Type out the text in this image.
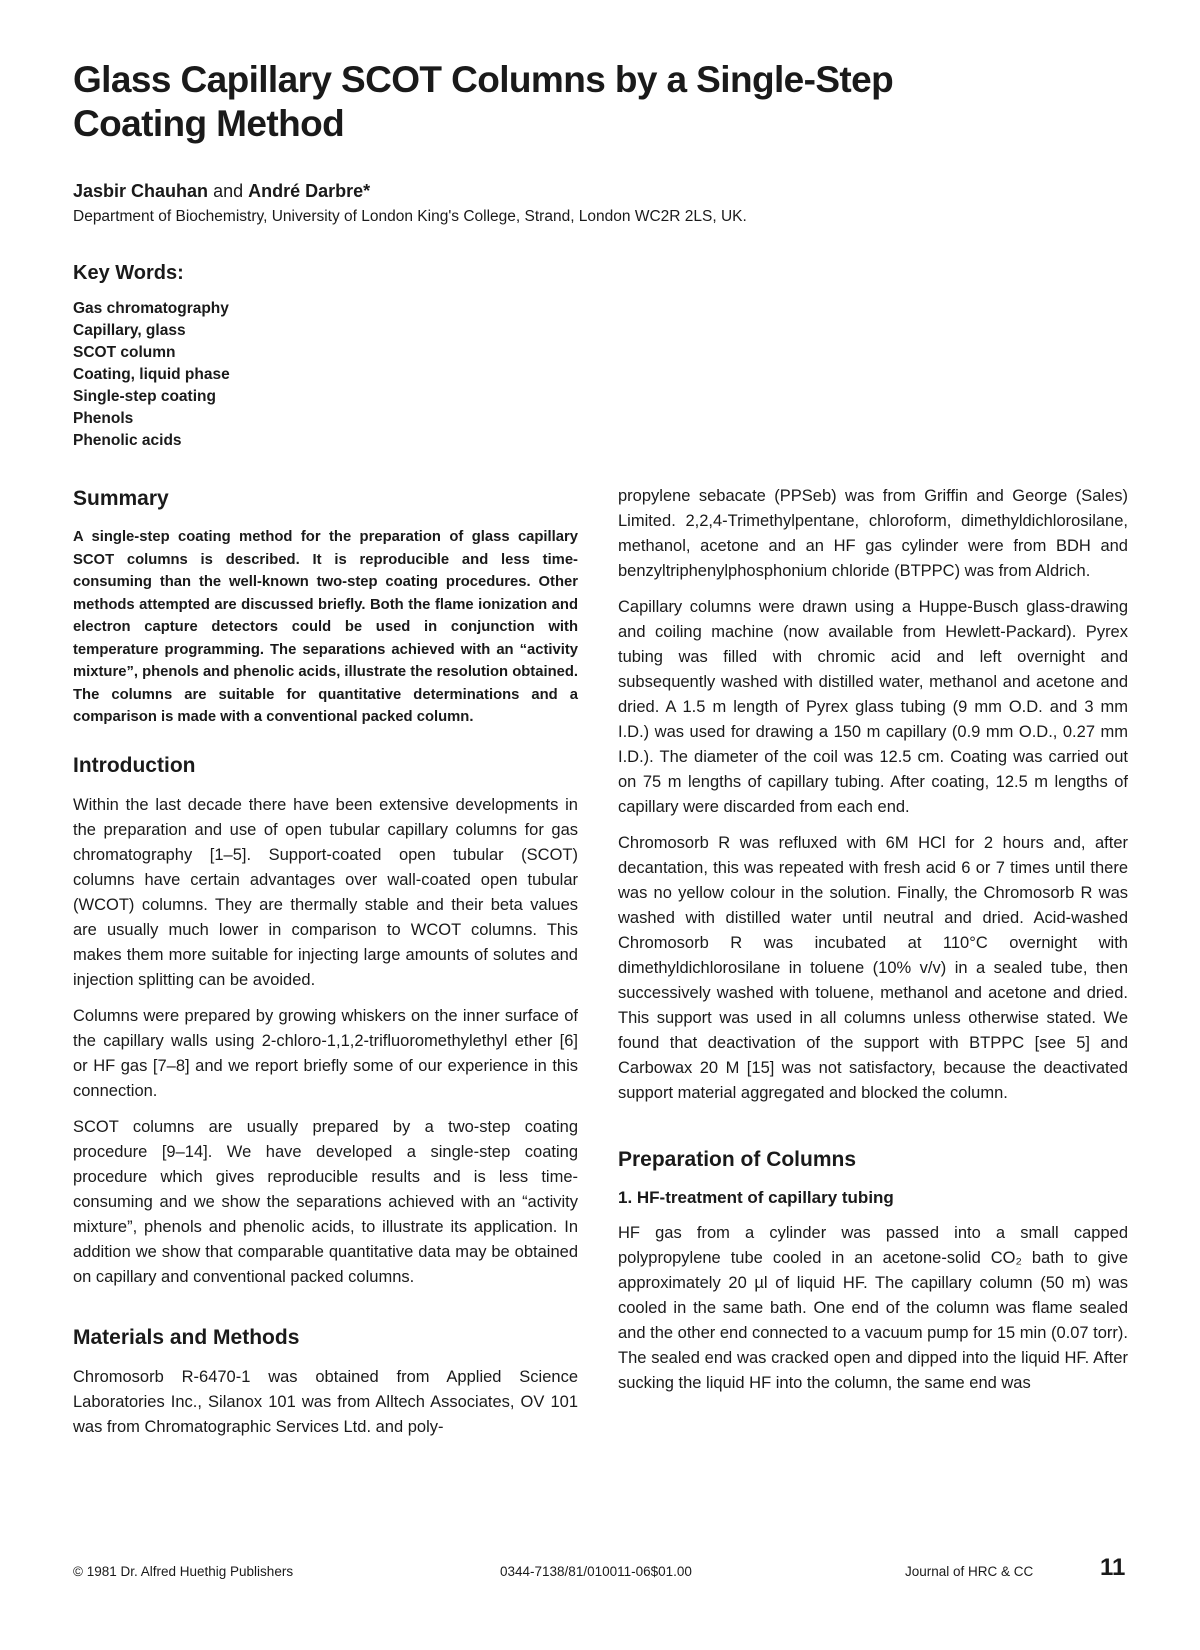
Glass Capillary SCOT Columns by a Single-Step Coating Method
Jasbir Chauhan and André Darbre*
Department of Biochemistry, University of London King's College, Strand, London WC2R 2LS, UK.
Key Words:
Gas chromatography
Capillary, glass
SCOT column
Coating, liquid phase
Single-step coating
Phenols
Phenolic acids
Summary

A single-step coating method for the preparation of glass capillary SCOT columns is described. It is reproducible and less time-consuming than the well-known two-step coating procedures. Other methods attempted are discussed briefly. Both the flame ionization and electron capture detectors could be used in conjunction with temperature programming. The separations achieved with an “activity mixture”, phenols and phenolic acids, illustrate the resolution obtained. The columns are suitable for quantitative determinations and a comparison is made with a conventional packed column.

Introduction

Within the last decade there have been extensive developments in the preparation and use of open tubular capillary columns for gas chromatography [1–5]. Support-coated open tubular (SCOT) columns have certain advantages over wall-coated open tubular (WCOT) columns. They are thermally stable and their beta values are usually much lower in comparison to WCOT columns. This makes them more suitable for injecting large amounts of solutes and injection splitting can be avoided.

Columns were prepared by growing whiskers on the inner surface of the capillary walls using 2-chloro-1,1,2-trifluoromethylethyl ether [6] or HF gas [7–8] and we report briefly some of our experience in this connection.

SCOT columns are usually prepared by a two-step coating procedure [9–14]. We have developed a single-step coating procedure which gives reproducible results and is less time-consuming and we show the separations achieved with an “activity mixture”, phenols and phenolic acids, to illustrate its application. In addition we show that comparable quantitative data may be obtained on capillary and conventional packed columns.

Materials and Methods

Chromosorb R-6470-1 was obtained from Applied Science Laboratories Inc., Silanox 101 was from Alltech Associates, OV 101 was from Chromatographic Services Ltd. and poly-

propylene sebacate (PPSeb) was from Griffin and George (Sales) Limited. 2,2,4-Trimethylpentane, chloroform, dimethyldichlorosilane, methanol, acetone and an HF gas cylinder were from BDH and benzyltriphenylphosphonium chloride (BTPPC) was from Aldrich.

Capillary columns were drawn using a Huppe-Busch glass-drawing and coiling machine (now available from Hewlett-Packard). Pyrex tubing was filled with chromic acid and left overnight and subsequently washed with distilled water, methanol and acetone and dried. A 1.5 m length of Pyrex glass tubing (9 mm O.D. and 3 mm I.D.) was used for drawing a 150 m capillary (0.9 mm O.D., 0.27 mm I.D.). The diameter of the coil was 12.5 cm. Coating was carried out on 75 m lengths of capillary tubing. After coating, 12.5 m lengths of capillary were discarded from each end.

Chromosorb R was refluxed with 6M HCl for 2 hours and, after decantation, this was repeated with fresh acid 6 or 7 times until there was no yellow colour in the solution. Finally, the Chromosorb R was washed with distilled water until neutral and dried. Acid-washed Chromosorb R was incubated at 110°C overnight with dimethyldichlorosilane in toluene (10% v/v) in a sealed tube, then successively washed with toluene, methanol and acetone and dried. This support was used in all columns unless otherwise stated. We found that deactivation of the support with BTPPC [see 5] and Carbowax 20 M [15] was not satisfactory, because the deactivated support material aggregated and blocked the column.

Preparation of Columns
1. HF-treatment of capillary tubing

HF gas from a cylinder was passed into a small capped polypropylene tube cooled in an acetone-solid CO₂ bath to give approximately 20 µl of liquid HF. The capillary column (50 m) was cooled in the same bath. One end of the column was flame sealed and the other end connected to a vacuum pump for 15 min (0.07 torr). The sealed end was cracked open and dipped into the liquid HF. After sucking the liquid HF into the column, the same end was

© 1981 Dr. Alfred Huethig Publishers	0344-7138/81/010011-06$01.00	Journal of HRC & CC	11
